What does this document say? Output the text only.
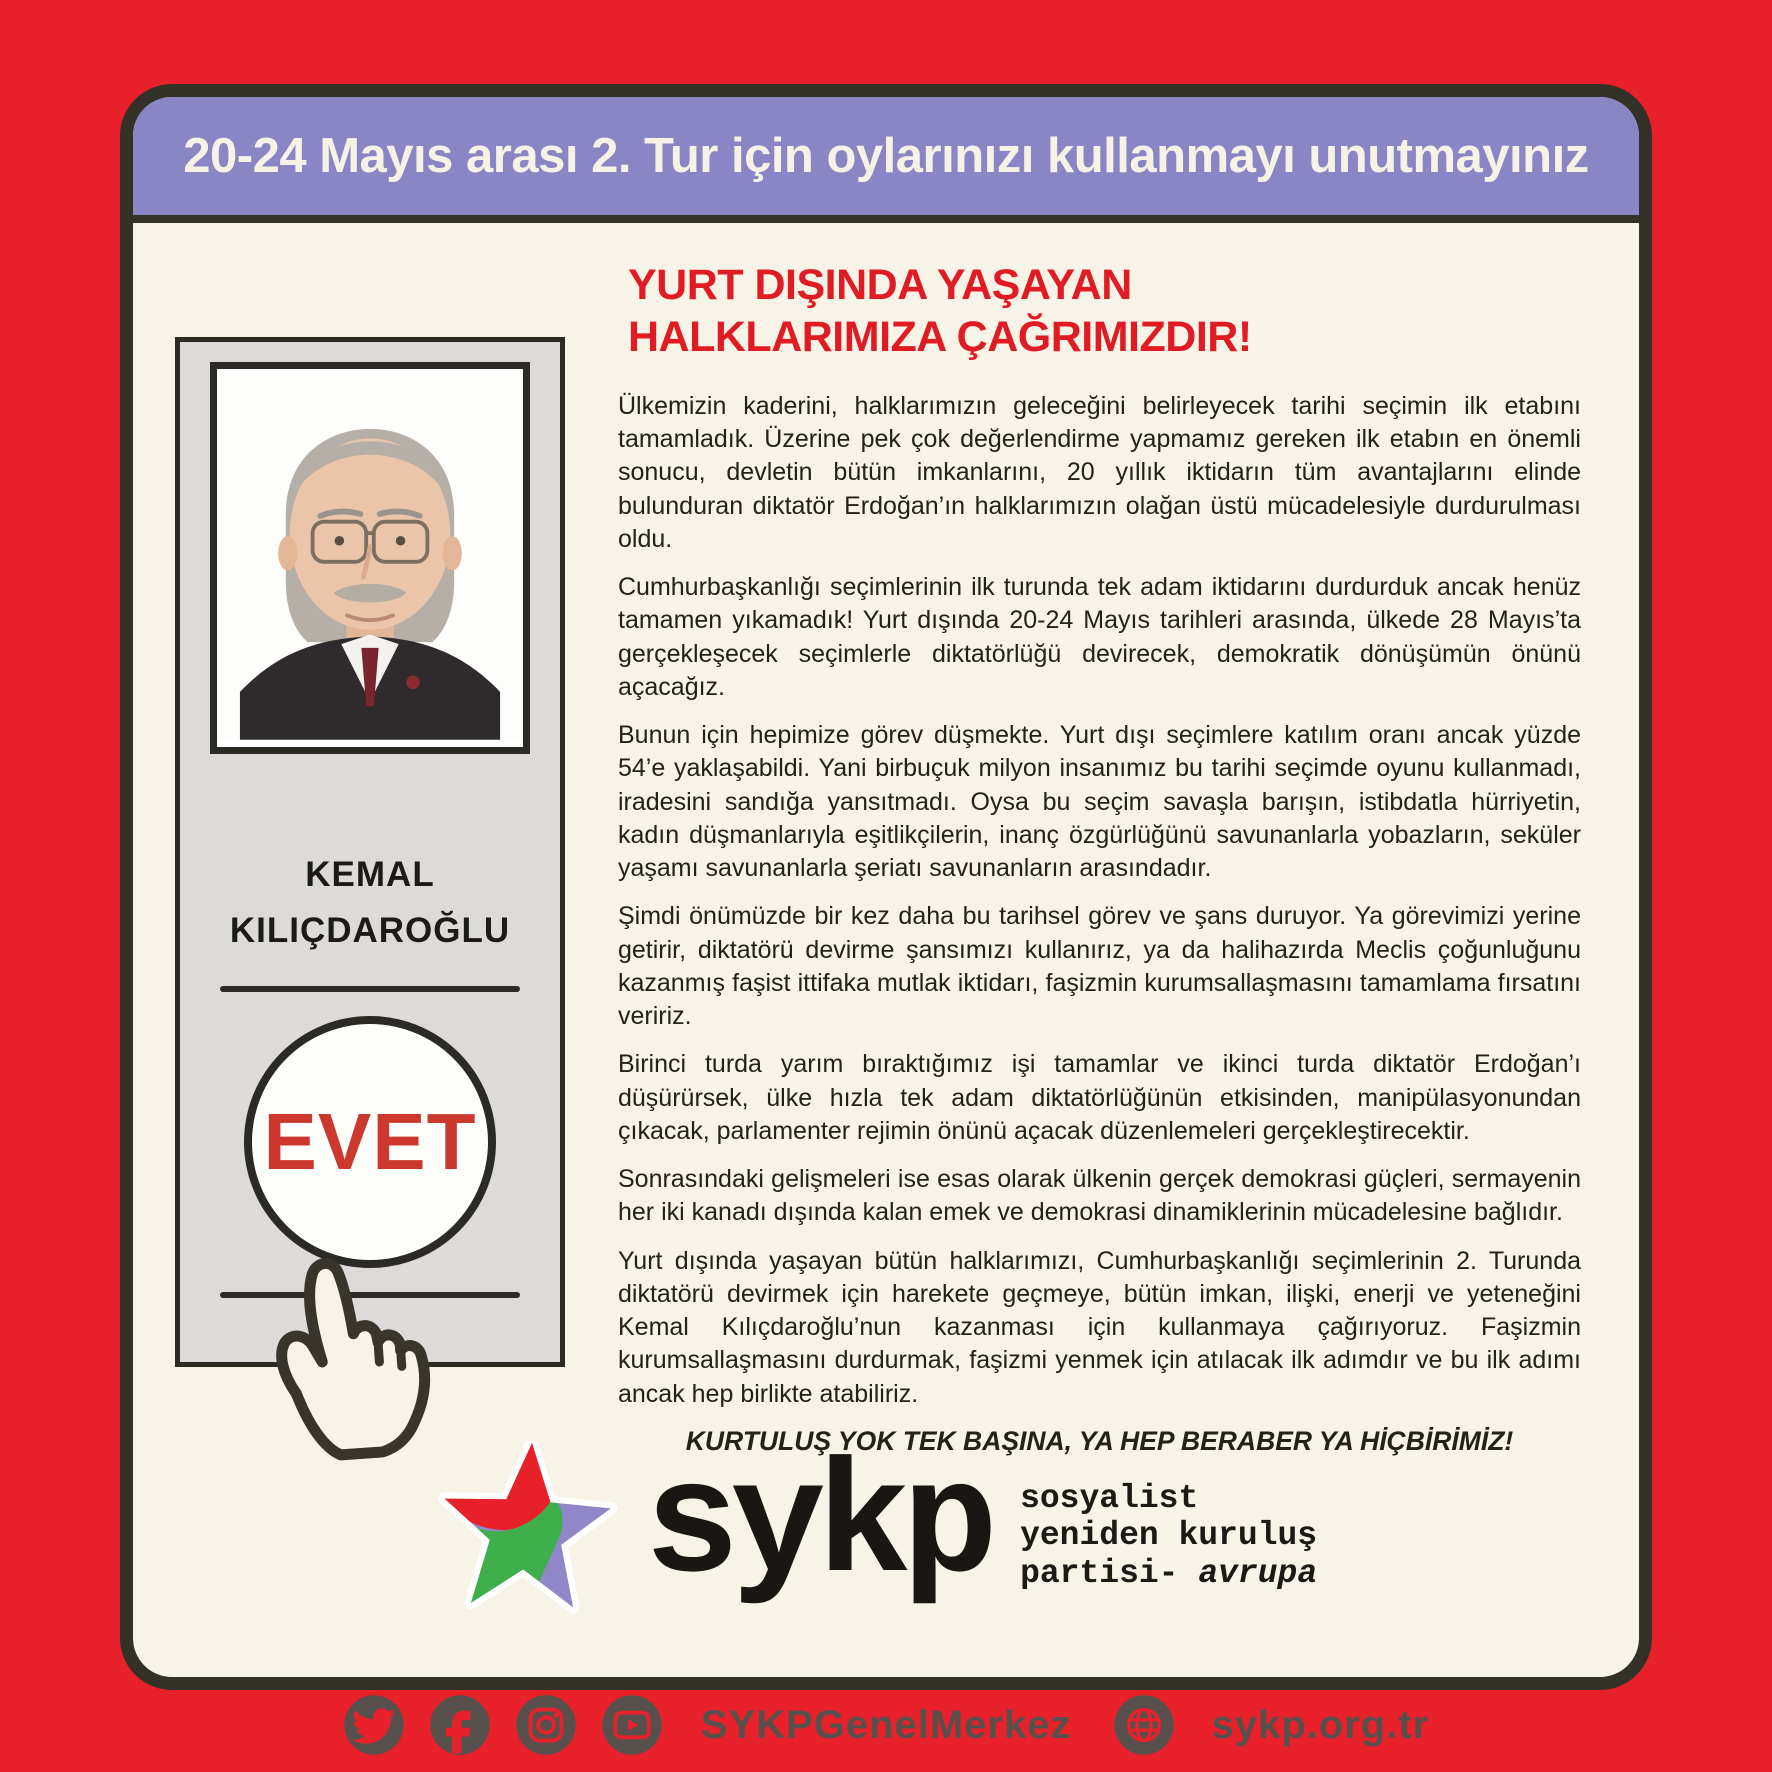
20-24 Mayıs arası 2. Tur için oylarınızı kullanmayı unutmayınız
KEMAL
KILIÇDAROĞLU
EVET
YURT DIŞINDA YAŞAYAN HALKLARIMIZA ÇAĞRIMIZDIR!

Ülkemizin kaderini, halklarımızın geleceğini belirleyecek tarihi seçimin ilk etabını tamamladık. Üzerine pek çok değerlendirme yapmamız gereken ilk etabın en önemli sonucu, devletin bütün imkanlarını, 20 yıllık iktidarın tüm avantajlarını elinde bulunduran diktatör Erdoğan’ın halklarımızın olağan üstü mücadelesiyle durdurulması oldu.

Cumhurbaşkanlığı seçimlerinin ilk turunda tek adam iktidarını durdurduk ancak henüz tamamen yıkamadık! Yurt dışında 20-24 Mayıs tarihleri arasında, ülkede 28 Mayıs’ta gerçekleşecek seçimlerle diktatörlüğü devirecek, demokratik dönüşümün önünü açacağız.

Bunun için hepimize görev düşmekte. Yurt dışı seçimlere katılım oranı ancak yüzde 54’e yaklaşabildi. Yani birbuçuk milyon insanımız bu tarihi seçimde oyunu kullanmadı, iradesini sandığa yansıtmadı. Oysa bu seçim savaşla barışın, istibdatla hürriyetin, kadın düşmanlarıyla eşitlikçilerin, inanç özgürlüğünü savunanlarla yobazların, seküler yaşamı savunanlarla şeriatı savunanların arasındadır.

Şimdi önümüzde bir kez daha bu tarihsel görev ve şans duruyor. Ya görevimizi yerine getirir, diktatörü devirme şansımızı kullanırız, ya da halihazırda Meclis çoğunluğunu kazanmış faşist ittifaka mutlak iktidarı, faşizmin kurumsallaşmasını tamamlama fırsatını veririz.

Birinci turda yarım bıraktığımız işi tamamlar ve ikinci turda diktatör Erdoğan’ı düşürürsek, ülke hızla tek adam diktatörlüğünün etkisinden, manipülasyonundan çıkacak, parlamenter rejimin önünü açacak düzenlemeleri gerçekleştirecektir.

Sonrasındaki gelişmeleri ise esas olarak ülkenin gerçek demokrasi güçleri, sermayenin her iki kanadı dışında kalan emek ve demokrasi dinamiklerinin mücadelesine bağlıdır.

Yurt dışında yaşayan bütün halklarımızı, Cumhurbaşkanlığı seçimlerinin 2. Turunda diktatörü devirmek için harekete geçmeye, bütün imkan, ilişki, enerji ve yeteneğini Kemal Kılıçdaroğlu’nun kazanması için kullanmaya çağırıyoruz. Faşizmin kurumsallaşmasını durdurmak, faşizmi yenmek için atılacak ilk adımdır ve bu ilk adımı ancak hep birlikte atabiliriz.

KURTULUŞ YOK TEK BAŞINA, YA HEP BERABER YA HİÇBİRİMİZ!
sykp sosyalist
yeniden kuruluş
partisi- avrupa
SYKPGenelMerkez	sykp.org.tr
